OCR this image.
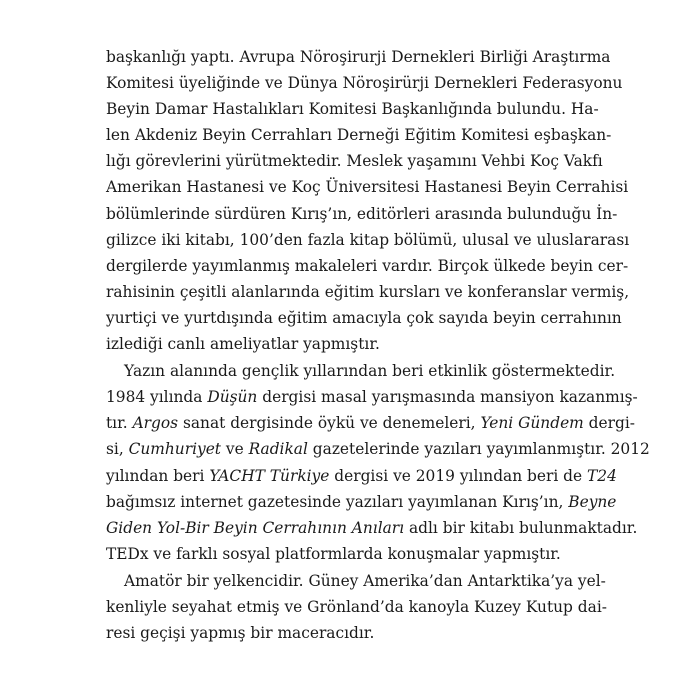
başkanlığı yaptı. Avrupa Nöroşirurji Dernekleri Birliği Araştırma
Komitesi üyeliğinde ve Dünya Nöroşirürji Dernekleri Federasyonu
Beyin Damar Hastalıkları Komitesi Başkanlığında bulundu. Ha-
len Akdeniz Beyin Cerrahları Derneği Eğitim Komitesi eşbaşkan-
lığı görevlerini yürütmektedir. Meslek yaşamını Vehbi Koç Vakfı
Amerikan Hastanesi ve Koç Üniversitesi Hastanesi Beyin Cerrahisi
bölümlerinde sürdüren Kırış’ın, editörleri arasında bulunduğu İn-
gilizce iki kitabı, 100’den fazla kitap bölümü, ulusal ve uluslararası
dergilerde yayımlanmış makaleleri vardır. Birçok ülkede beyin cer-
rahisinin çeşitli alanlarında eğitim kursları ve konferanslar vermiş,
yurtiçi ve yurtdışında eğitim amacıyla çok sayıda beyin cerrahının
izlediği canlı ameliyatlar yapmıştır.

Yazın alanında gençlik yıllarından beri etkinlik göstermektedir.
1984 yılında Düşün dergisi masal yarışmasında mansiyon kazanmış-
tır. Argos sanat dergisinde öykü ve denemeleri, Yeni Gündem dergi-
si, Cumhuriyet ve Radikal gazetelerinde yazıları yayımlanmıştır. 2012
yılından beri YACHT Türkiye dergisi ve 2019 yılından beri de T24
bağımsız internet gazetesinde yazıları yayımlanan Kırış’ın, Beyne
Giden Yol-Bir Beyin Cerrahının Anıları adlı bir kitabı bulunmaktadır.
TEDx ve farklı sosyal platformlarda konuşmalar yapmıştır.

Amatör bir yelkencidir. Güney Amerika’dan Antarktika’ya yel-
kenliyle seyahat etmiş ve Grönland’da kanoyla Kuzey Kutup dai-
resi geçişi yapmış bir maceracıdır.
